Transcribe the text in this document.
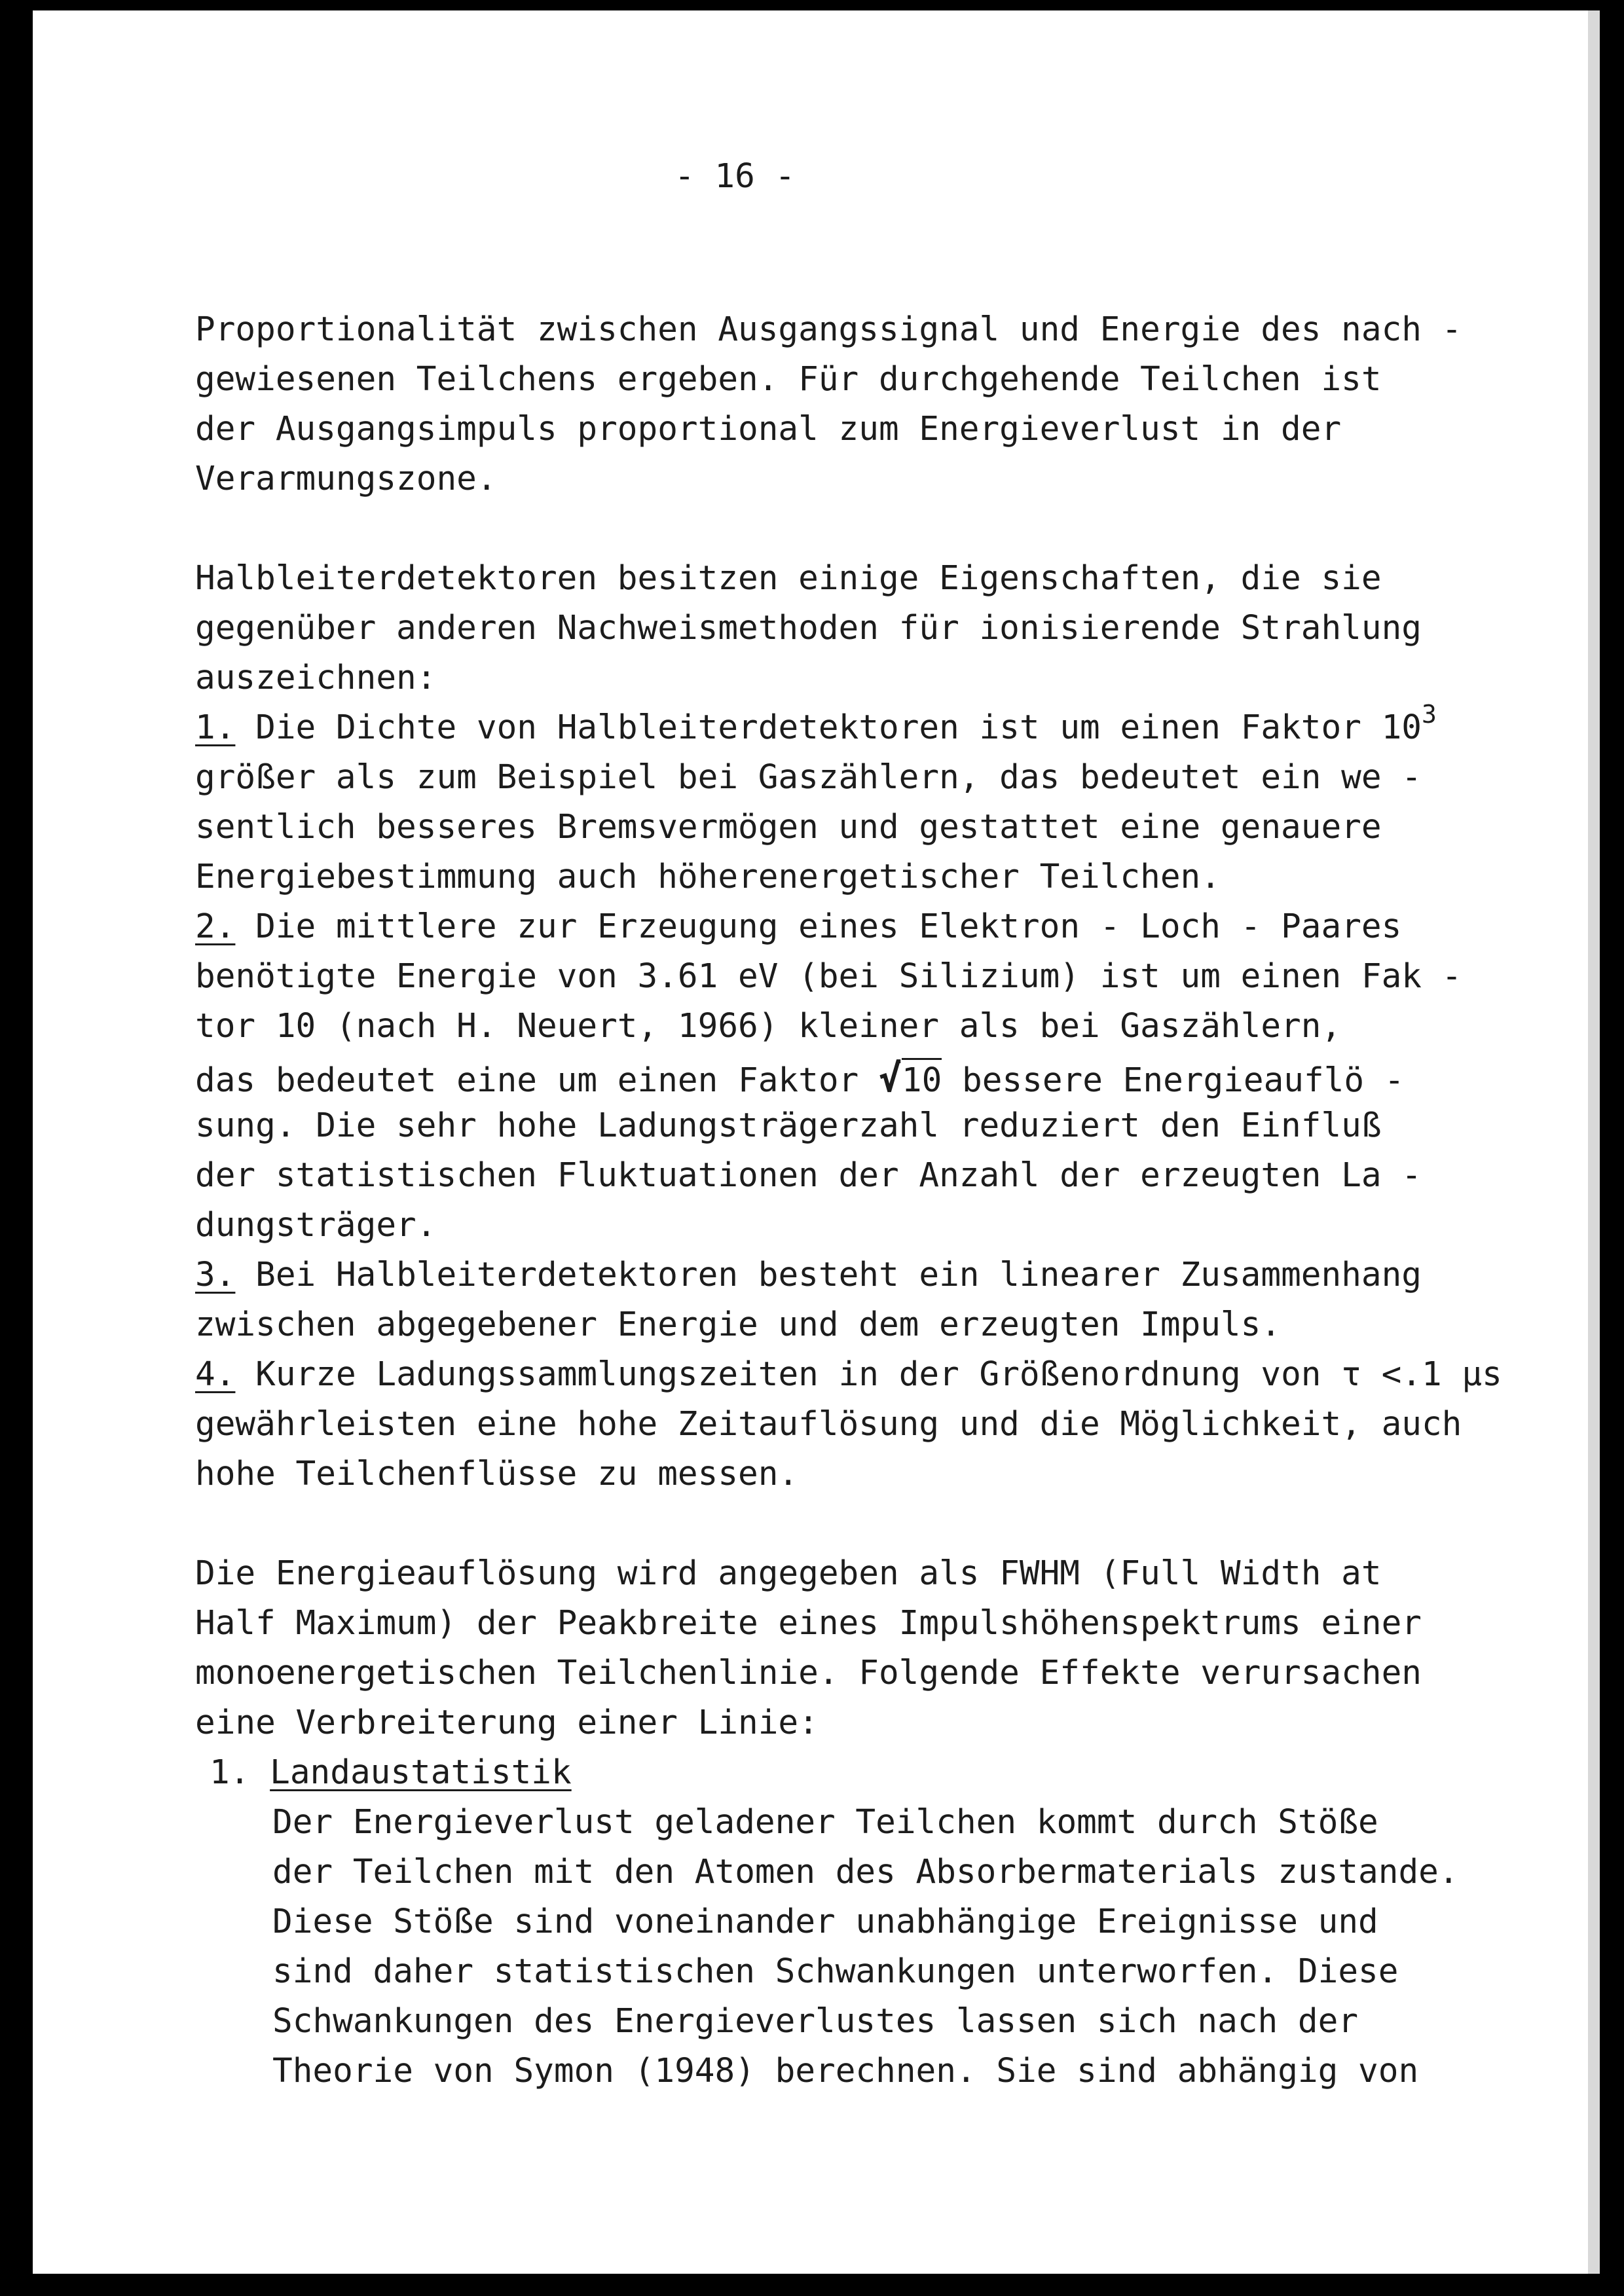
- 16 -
Proportionalität zwischen Ausgangssignal und Energie des nach -
gewiesenen Teilchens ergeben. Für durchgehende Teilchen ist
der Ausgangsimpuls proportional zum Energieverlust in der
Verarmungszone.
Halbleiterdetektoren besitzen einige Eigenschaften, die sie
gegenüber anderen Nachweismethoden für ionisierende Strahlung
auszeichnen:
1. Die Dichte von Halbleiterdetektoren ist um einen Faktor $10^3$
größer als zum Beispiel bei Gaszählern, das bedeutet ein we -
sentlich besseres Bremsvermögen und gestattet eine genauere
Energiebestimmung auch höherenergetischer Teilchen.
2. Die mittlere zur Erzeugung eines Elektron - Loch - Paares
benötigte Energie von 3.61 eV (bei Silizium) ist um einen Fak -
tor 10 (nach H. Neuert, 1966) kleiner als bei Gaszählern,
das bedeutet eine um einen Faktor √10 bessere Energieauflö -
sung. Die sehr hohe Ladungsträgerzahl reduziert den Einfluß
der statistischen Fluktuationen der Anzahl der erzeugten La -
dungsträger.
3. Bei Halbleiterdetektoren besteht ein linearer Zusammenhang
zwischen abgegebener Energie und dem erzeugten Impuls.
4. Kurze Ladungssammlungszeiten in der Größenordnung von τ <.1 µs
gewährleisten eine hohe Zeitauflösung und die Möglichkeit, auch
hohe Teilchenflüsse zu messen.
Die Energieauflösung wird angegeben als FWHM (Full Width at
Half Maximum) der Peakbreite eines Impulshöhenspektrums einer
monoenergetischen Teilchenlinie. Folgende Effekte verursachen
eine Verbreiterung einer Linie:
1. Landaustatistik
Der Energieverlust geladener Teilchen kommt durch Stöße
der Teilchen mit den Atomen des Absorbermaterials zustande.
Diese Stöße sind voneinander unabhängige Ereignisse und
sind daher statistischen Schwankungen unterworfen. Diese
Schwankungen des Energieverlustes lassen sich nach der
Theorie von Symon (1948) berechnen. Sie sind abhängig von
